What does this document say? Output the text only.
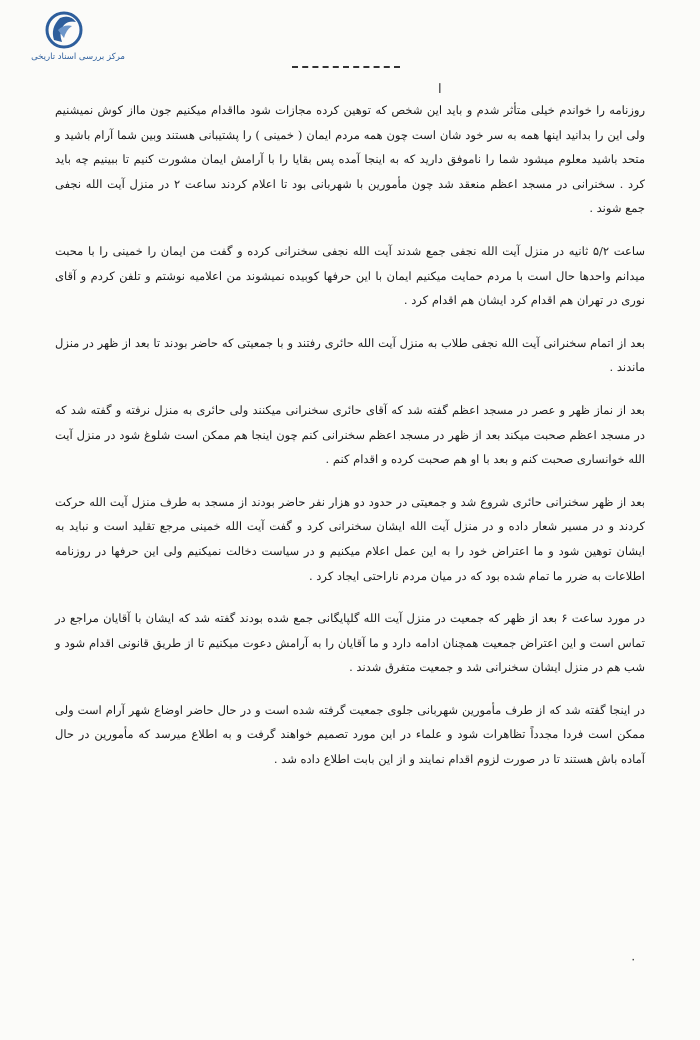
مرکز بررسی اسناد تاریخی
ا

روزنامه را خواندم خیلی متأثر شدم و باید این شخص که توهین کرده مجازات شود مااقدام میکنیم جون مااز کوش نمیشنیم ولی این را بدانید اینها همه به سر خود شان است چون همه مردم ایمان ( خمینی ) را پشتیبانی هستند وبین شما آرام باشید و متحد باشید معلوم میشود شما را ناموفق دارید که به اینجا آمده پس بقایا را با آرامش ایمان مشورت کنیم تا ببینیم چه باید کرد . سخنرانی در مسجد اعظم منعقد شد چون مأمورین با شهربانی بود تا اعلام کردند ساعت ۲ در منزل آیت الله نجفی جمع شوند .

ساعت ۵/۲ ثانیه در منزل آیت الله نجفی جمع شدند آیت الله نجفی سخنرانی کرده و گفت من ایمان را خمینی را با محبت میدانم واحدها حال است با مردم حمایت میکنیم ایمان با این حرفها کوبیده نمیشوند من اعلامیه نوشتم و تلفن کردم و آقای نوری در تهران هم اقدام کرد ایشان هم اقدام کرد .

بعد از اتمام سخنرانی آیت الله نجفی طلاب به منزل آیت الله حائری رفتند و با جمعیتی که حاضر بودند تا بعد از ظهر در منزل ماندند .

بعد از نماز ظهر و عصر در مسجد اعظم گفته شد که آقای حائری سخنرانی میکنند ولی حائری به منزل نرفته و گفته شد که در مسجد اعظم صحبت میکند بعد از ظهر در مسجد اعظم سخنرانی کنم چون اینجا هم ممکن است شلوغ شود در منزل آیت الله خوانساری صحبت کنم و بعد با او هم صحبت کرده و اقدام کنم .

بعد از ظهر سخنرانی حائری شروع شد و جمعیتی در حدود دو هزار نفر حاضر بودند از مسجد به طرف منزل آیت الله حرکت کردند و در مسیر شعار داده و در منزل آیت الله ایشان سخنرانی کرد و گفت آیت الله خمینی مرجع تقلید است و نباید به ایشان توهین شود و ما اعتراض خود را به این عمل اعلام میکنیم و در سیاست دخالت نمیکنیم ولی این حرفها در روزنامه اطلاعات به ضرر ما تمام شده بود که در میان مردم ناراحتی ایجاد کرد .

در مورد ساعت ۶ بعد از ظهر که جمعیت در منزل آیت الله گلپایگانی جمع شده بودند گفته شد که ایشان با آقایان مراجع در تماس است و این اعتراض جمعیت همچنان ادامه دارد و ما آقایان را به آرامش دعوت میکنیم تا از طریق قانونی اقدام شود و شب هم در منزل ایشان سخنرانی شد و جمعیت متفرق شدند .

در اینجا گفته شد که از طرف مأمورین شهربانی جلوی جمعیت گرفته شده است و در حال حاضر اوضاع شهر آرام است ولی ممکن است فردا مجدداً تظاهرات شود و علماء در این مورد تصمیم خواهند گرفت و به اطلاع میرسد که مأمورین در حال آماده باش هستند تا در صورت لزوم اقدام نمایند و از این بابت اطلاع داده شد .

٠
